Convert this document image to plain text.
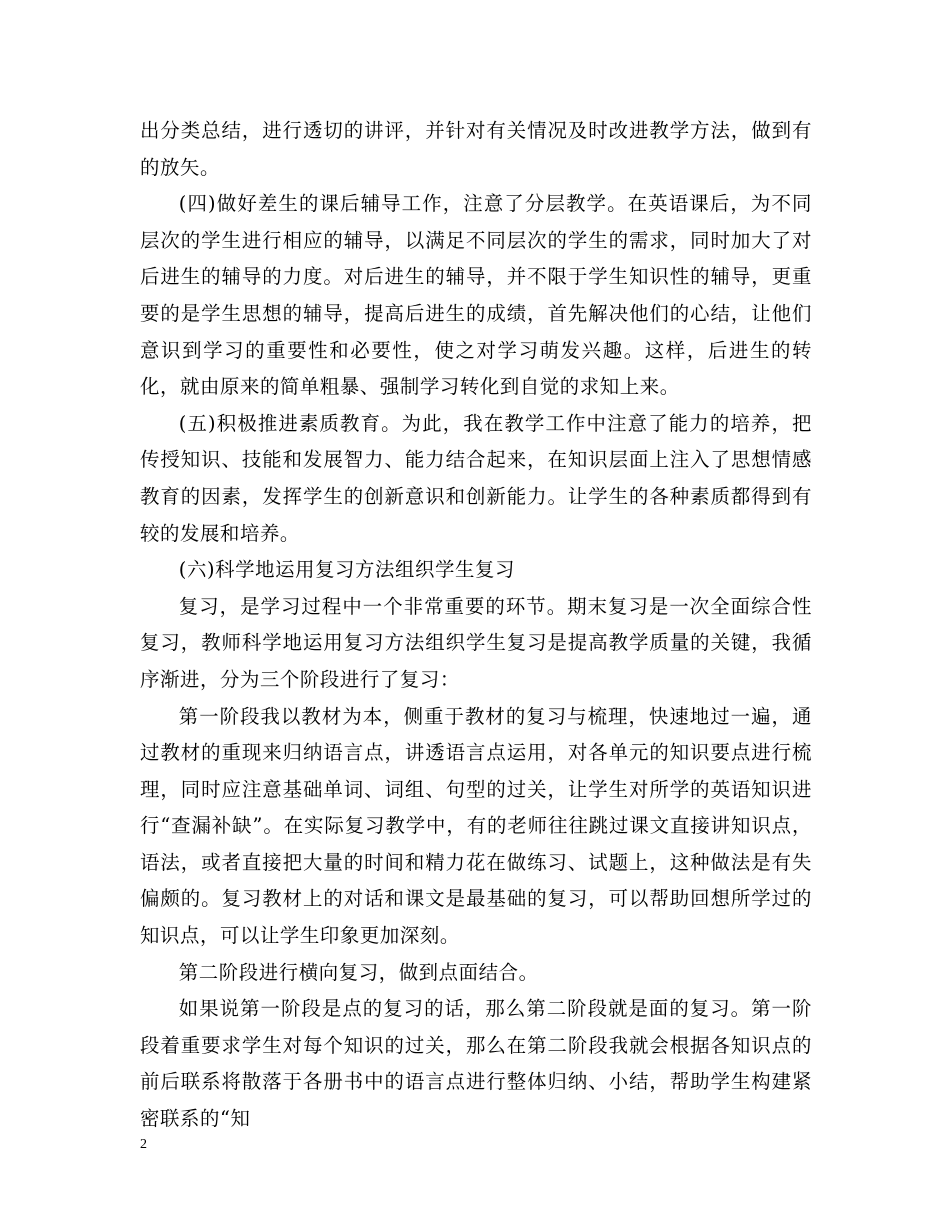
出分类总结，进行透切的讲评，并针对有关情况及时改进教学方法，做到有的放矢。

(四)做好差生的课后辅导工作，注意了分层教学。在英语课后，为不同层次的学生进行相应的辅导，以满足不同层次的学生的需求，同时加大了对后进生的辅导的力度。对后进生的辅导，并不限于学生知识性的辅导，更重要的是学生思想的辅导，提高后进生的成绩，首先解决他们的心结，让他们意识到学习的重要性和必要性，使之对学习萌发兴趣。这样，后进生的转化，就由原来的简单粗暴、强制学习转化到自觉的求知上来。

(五)积极推进素质教育。为此，我在教学工作中注意了能力的培养，把传授知识、技能和发展智力、能力结合起来，在知识层面上注入了思想情感教育的因素，发挥学生的创新意识和创新能力。让学生的各种素质都得到有较的发展和培养。

(六)科学地运用复习方法组织学生复习

复习，是学习过程中一个非常重要的环节。期末复习是一次全面综合性复习，教师科学地运用复习方法组织学生复习是提高教学质量的关键，我循序渐进，分为三个阶段进行了复习：

第一阶段我以教材为本，侧重于教材的复习与梳理，快速地过一遍，通过教材的重现来归纳语言点，讲透语言点运用，对各单元的知识要点进行梳理，同时应注意基础单词、词组、句型的过关，让学生对所学的英语知识进行“查漏补缺”。在实际复习教学中，有的老师往往跳过课文直接讲知识点，语法，或者直接把大量的时间和精力花在做练习、试题上，这种做法是有失偏颇的。复习教材上的对话和课文是最基础的复习，可以帮助回想所学过的知识点，可以让学生印象更加深刻。

第二阶段进行横向复习，做到点面结合。

如果说第一阶段是点的复习的话，那么第二阶段就是面的复习。第一阶段着重要求学生对每个知识的过关，那么在第二阶段我就会根据各知识点的前后联系将散落于各册书中的语言点进行整体归纳、小结，帮助学生构建紧密联系的“知

2
